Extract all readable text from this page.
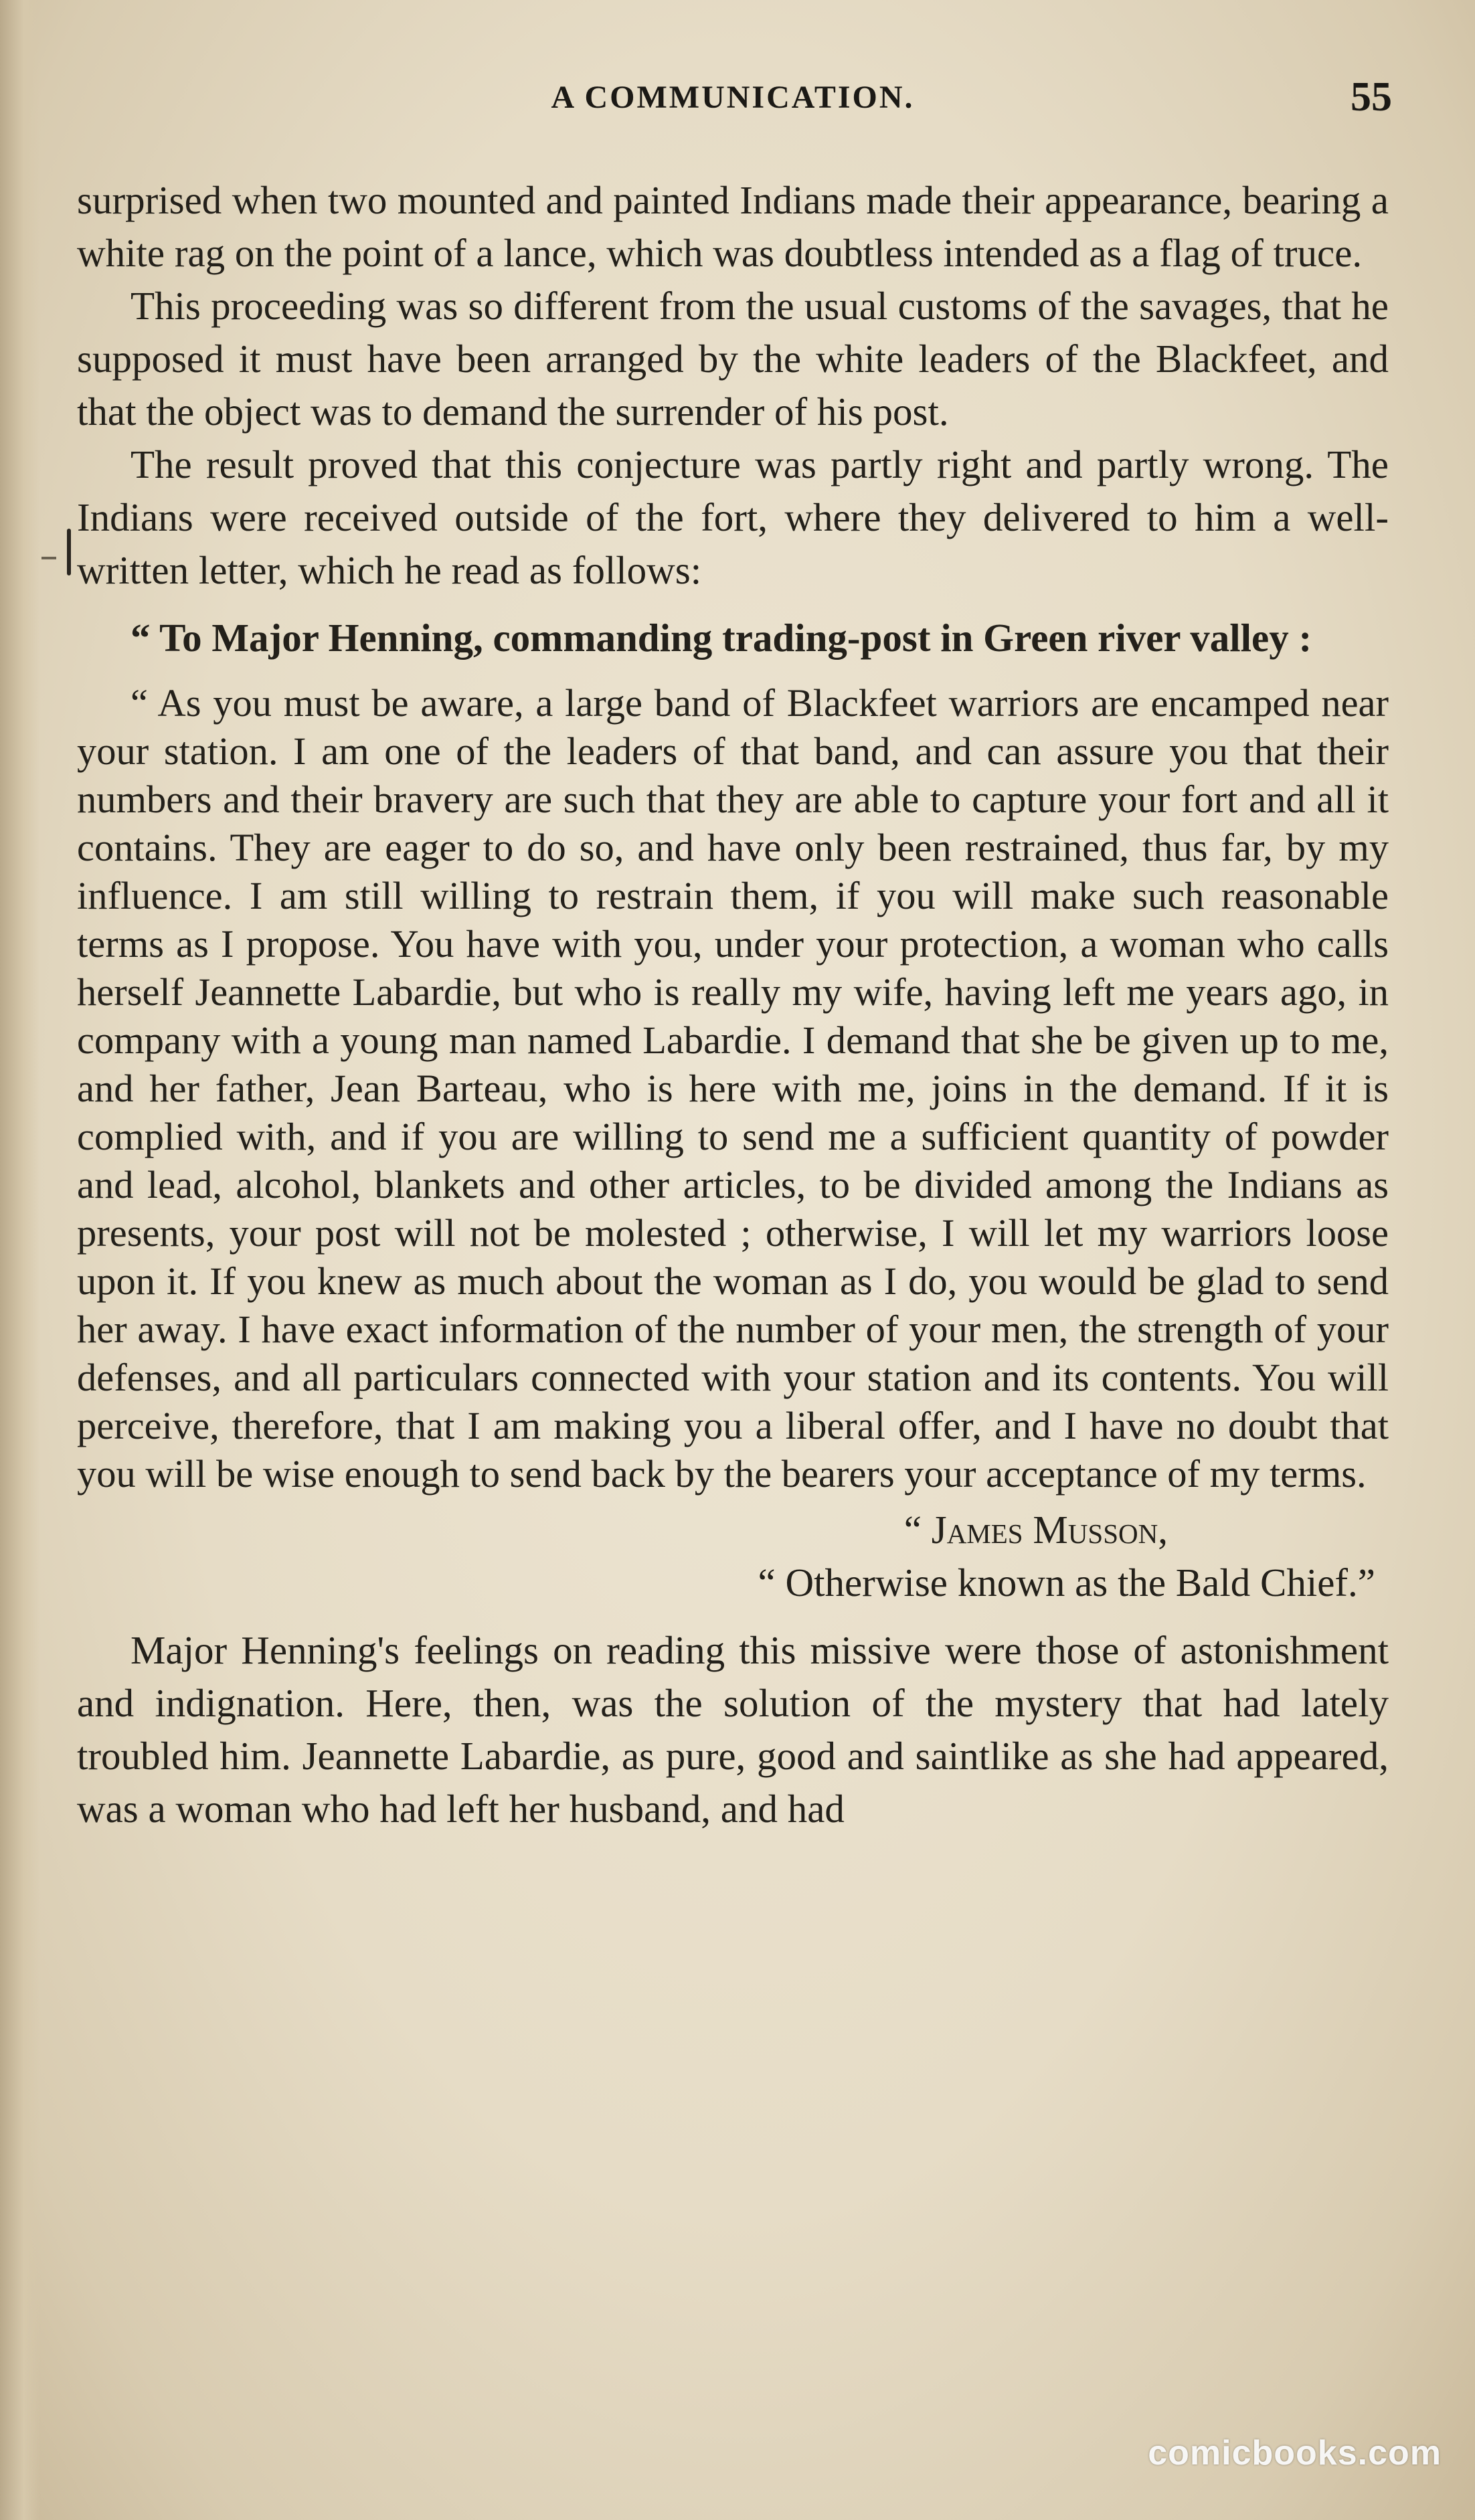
A COMMUNICATION.	55

surprised when two mounted and painted Indians made their appearance, bearing a white rag on the point of a lance, which was doubtless intended as a flag of truce.

This proceeding was so different from the usual customs of the savages, that he supposed it must have been arranged by the white leaders of the Blackfeet, and that the object was to demand the surrender of his post.

The result proved that this conjecture was partly right and partly wrong. The Indians were received outside of the fort, where they delivered to him a well-written letter, which he read as follows:

“ To Major Henning, commanding trading-post in Green river valley :

“ As you must be aware, a large band of Blackfeet warriors are encamped near your station. I am one of the leaders of that band, and can assure you that their numbers and their bravery are such that they are able to capture your fort and all it contains. They are eager to do so, and have only been restrained, thus far, by my influence. I am still willing to restrain them, if you will make such reasonable terms as I propose. You have with you, under your protection, a woman who calls herself Jeannette Labardie, but who is really my wife, having left me years ago, in company with a young man named Labardie. I demand that she be given up to me, and her father, Jean Barteau, who is here with me, joins in the demand. If it is complied with, and if you are willing to send me a sufficient quantity of powder and lead, alcohol, blankets and other articles, to be divided among the Indians as presents, your post will not be molested ; otherwise, I will let my warriors loose upon it. If you knew as much about the woman as I do, you would be glad to send her away. I have exact information of the number of your men, the strength of your defenses, and all particulars connected with your station and its contents. You will perceive, therefore, that I am making you a liberal offer, and I have no doubt that you will be wise enough to send back by the bearers your acceptance of my terms.

“ James Musson,
“ Otherwise known as the Bald Chief.”

Major Henning's feelings on reading this missive were those of astonishment and indignation. Here, then, was the solution of the mystery that had lately troubled him. Jeannette Labardie, as pure, good and saintlike as she had appeared, was a woman who had left her husband, and had

comicbooks.com
